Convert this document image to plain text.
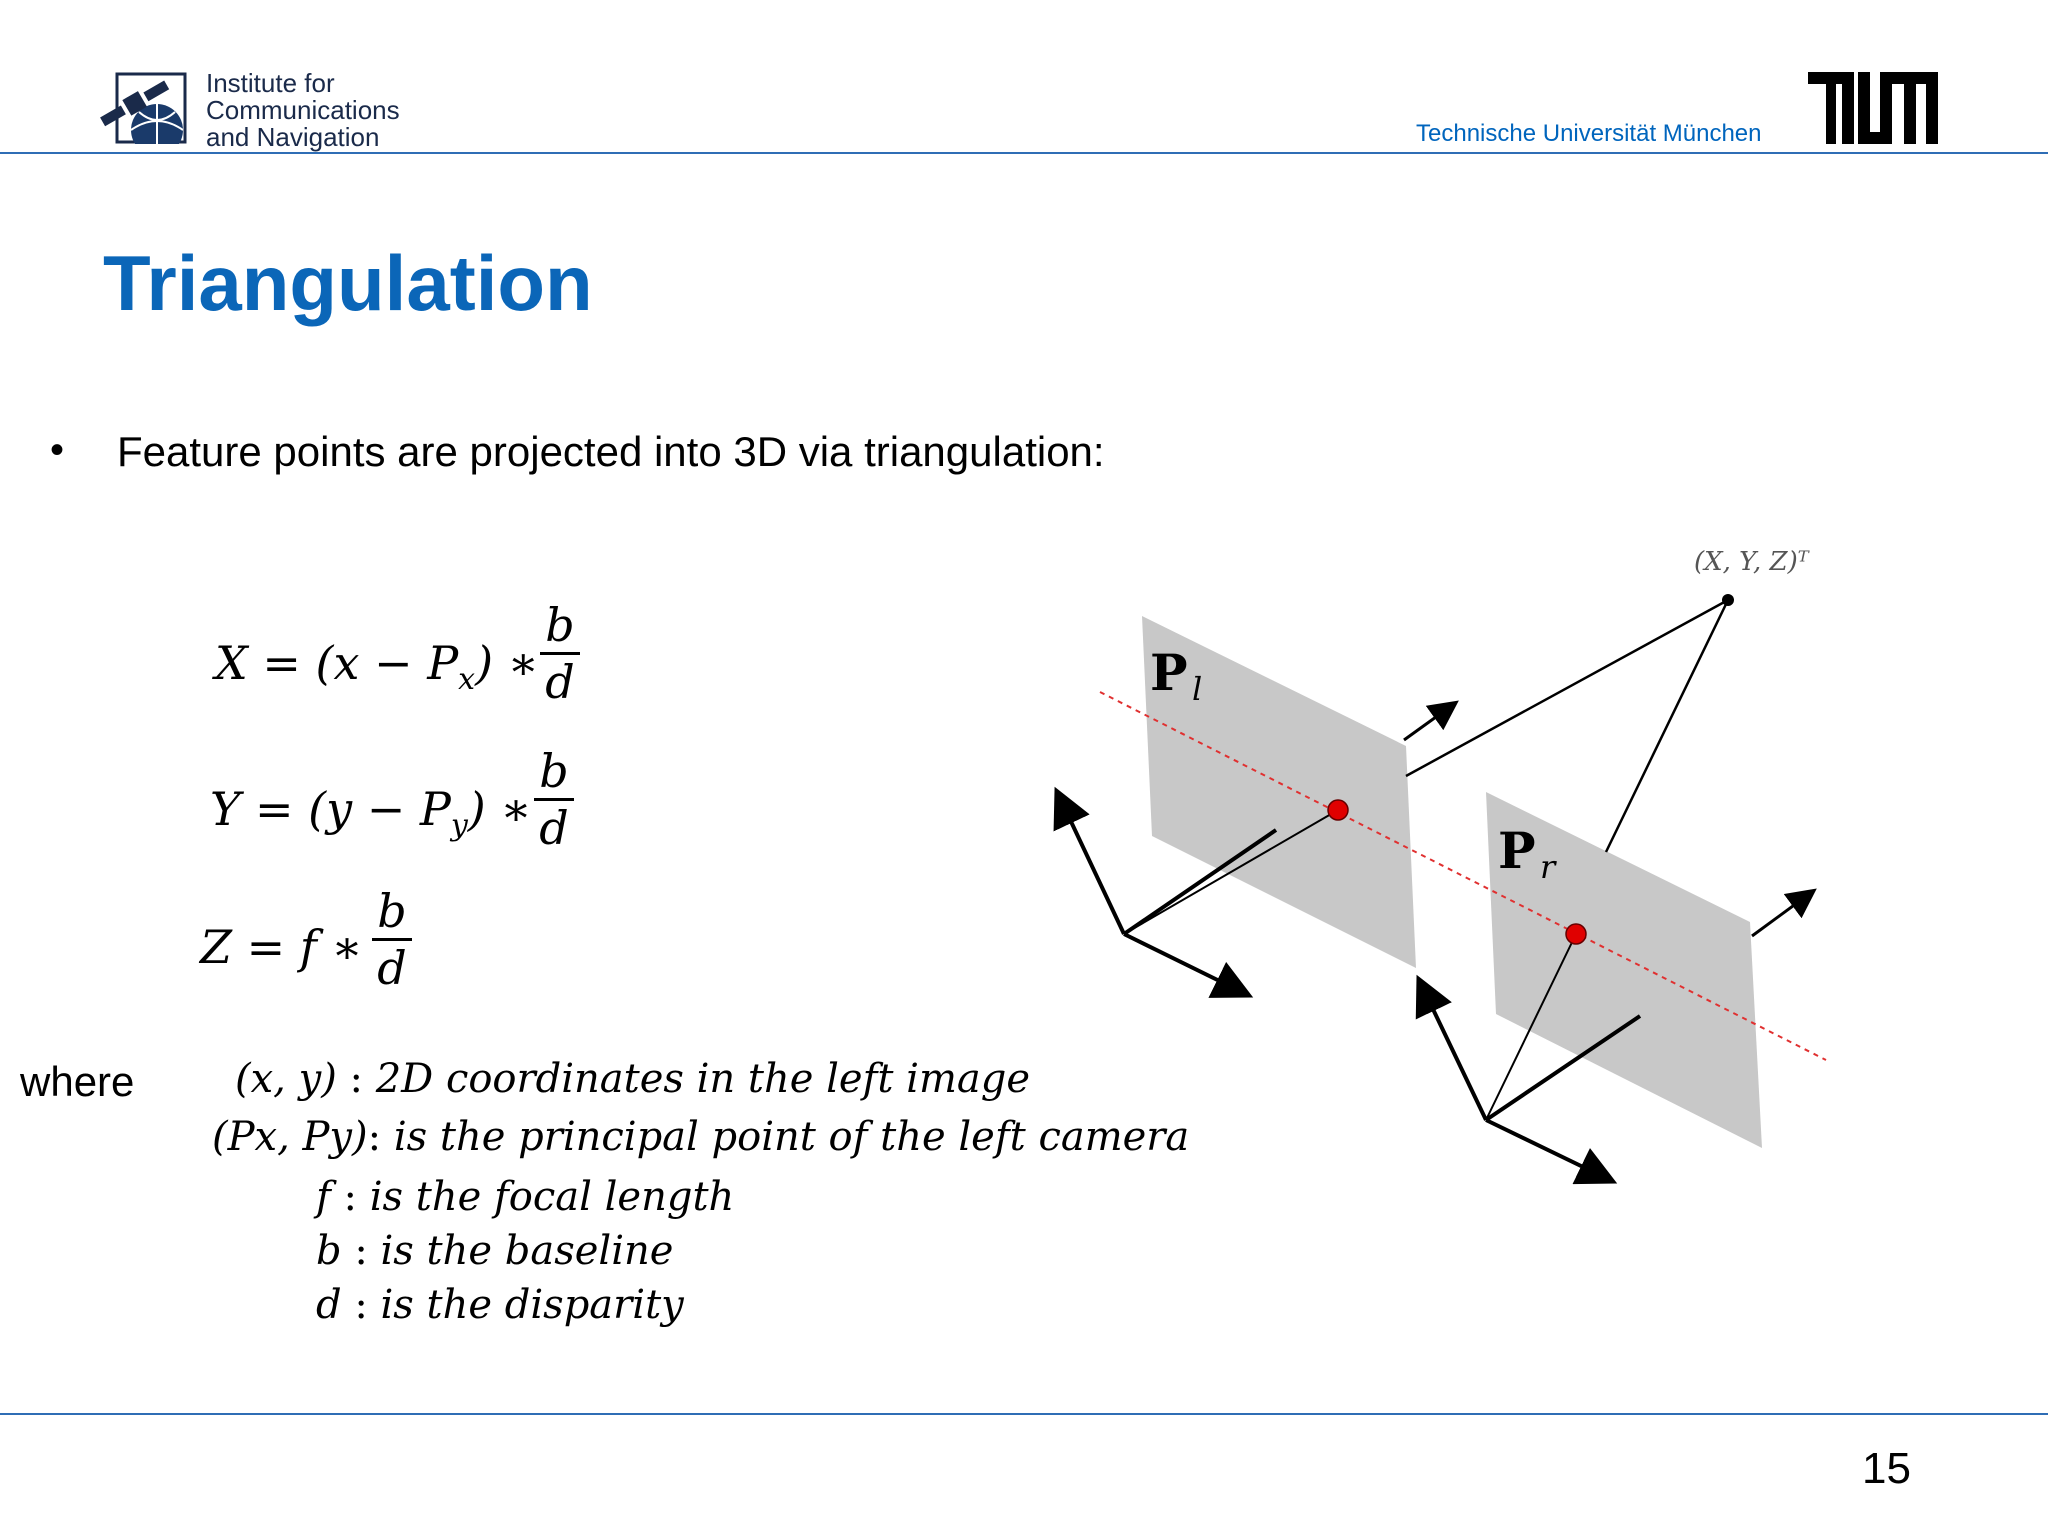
Institute for
Communications
and Navigation	Technische Universität München
Triangulation
• Feature points are projected into 3D via triangulation:
$X = (x - P_x)$ ∗
b
d
$Y = (y - P_y)$ ∗
b
d
Z = f ∗
b
d
where	(x, y) : 2D coordinates in the left image
(Px, Py): is the principal point of the left camera
f : is the focal length
b : is the baseline
d : is the disparity
(X, Y, Z)ᵀ
P l
P r
15
